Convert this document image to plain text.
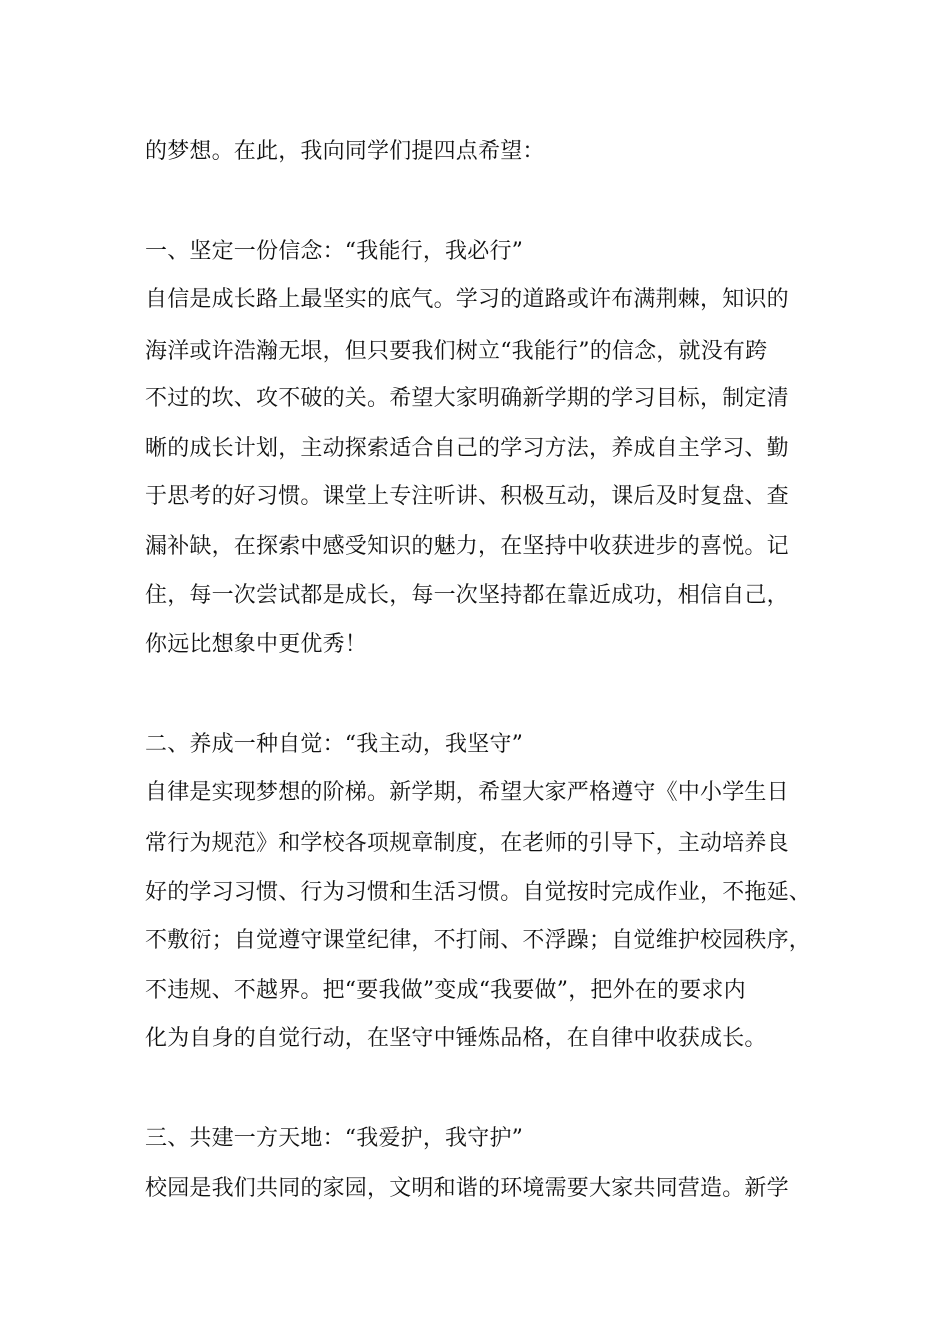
的梦想。在此，我向同学们提四点希望：
一、坚定一份信念：“我能行，我必行”
自信是成长路上最坚实的底气。学习的道路或许布满荆棘，知识的
海洋或许浩瀚无垠，但只要我们树立“我能行”的信念，就没有跨
不过的坎、攻不破的关。希望大家明确新学期的学习目标，制定清
晰的成长计划，主动探索适合自己的学习方法，养成自主学习、勤
于思考的好习惯。课堂上专注听讲、积极互动，课后及时复盘、查
漏补缺，在探索中感受知识的魅力，在坚持中收获进步的喜悦。记
住，每一次尝试都是成长，每一次坚持都在靠近成功，相信自己，
你远比想象中更优秀！
二、养成一种自觉：“我主动，我坚守”
自律是实现梦想的阶梯。新学期，希望大家严格遵守《中小学生日
常行为规范》和学校各项规章制度，在老师的引导下，主动培养良
好的学习习惯、行为习惯和生活习惯。自觉按时完成作业，不拖延、
不敷衍；自觉遵守课堂纪律，不打闹、不浮躁；自觉维护校园秩序，
不违规、不越界。把“要我做”变成“我要做”，把外在的要求内
化为自身的自觉行动，在坚守中锤炼品格，在自律中收获成长。
三、共建一方天地：“我爱护，我守护”
校园是我们共同的家园，文明和谐的环境需要大家共同营造。新学
